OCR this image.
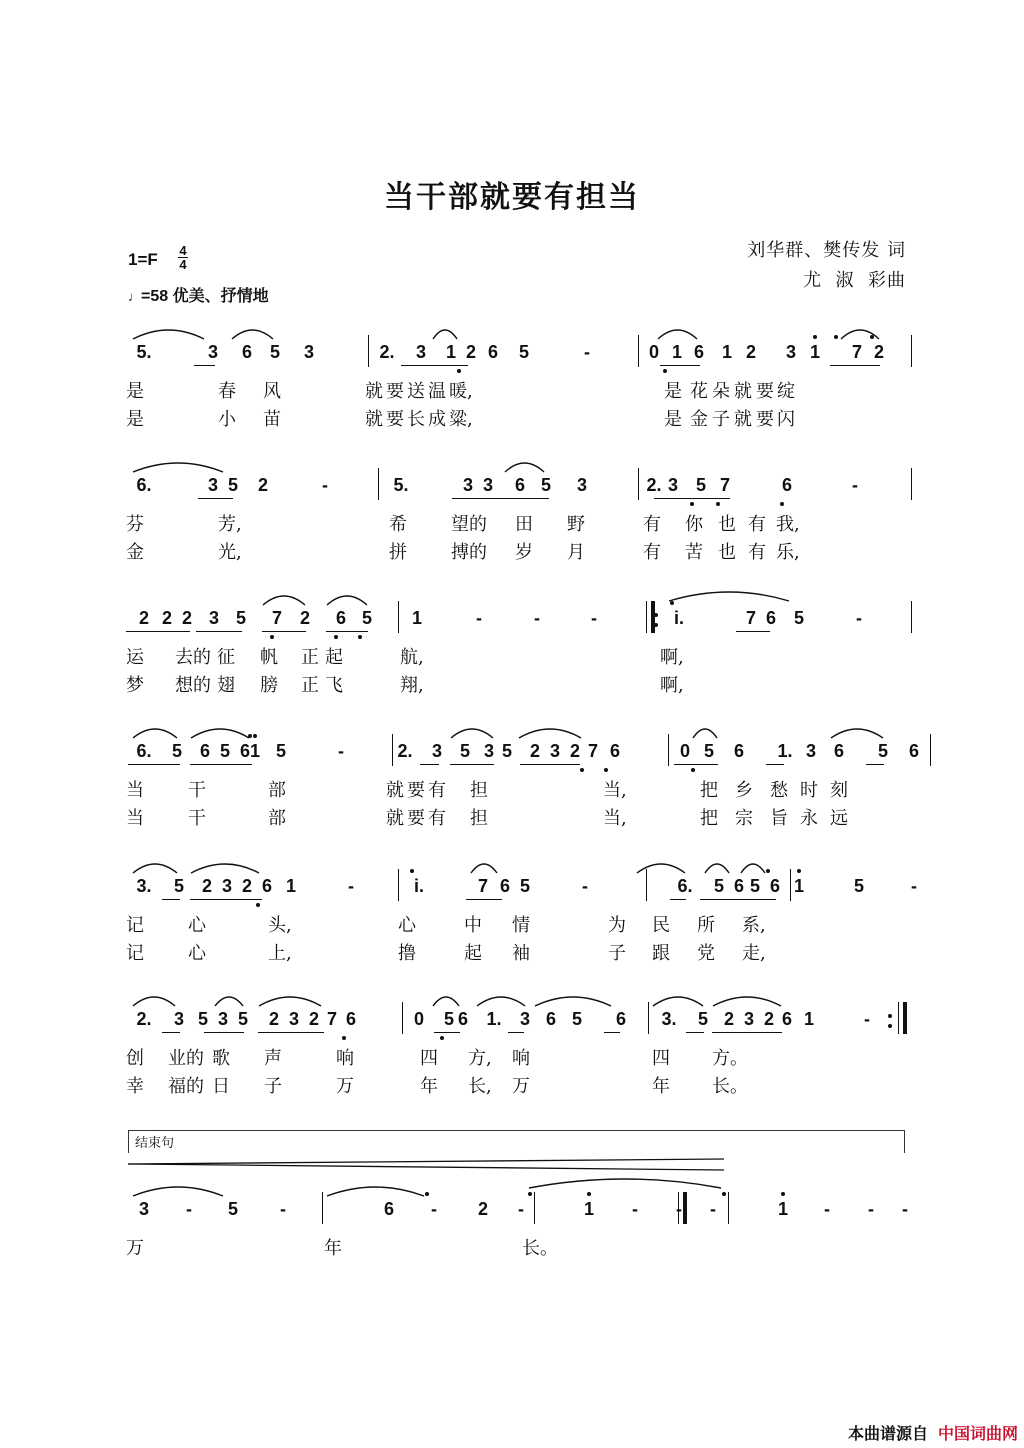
当干部就要有担当
1=F 4
4
♩=58 优美、抒情地
刘华群、樊传发 词
尤  淑  彩曲
5.	3 6 5 3	2. 3 1 2 6 5	-	0 1 6 1 2 3 1 7 2
是	春 风	就 要 送 温 暖,	是 花 朵 就 要 绽
是	小 苗	就 要 长 成 粱,	是 金 子 就 要 闪
6.	3 5 2	-	5.	3 3 6 5 3	2. 3 5 7	6	-
芬	芳,	希 望的 田 野	有 你 也 有 我,
金	光,	拼 搏的 岁 月	有 苦 也 有 乐,
2 2 2 3 5 7 2 6 5 1	-	-	-	i.	7 6 5	-
运 去的 征 帆 正 起	航,	啊,
梦 想的 翅 膀 正 飞	翔,	啊,
6. 5 6 5 6 1 5	-	2. 3 5 3 5 2 3 2 7 6	0 5 6 1. 3 6 5 6
当 干	部	就 要 有 担	当,	把 乡 愁 时 刻
当 干	部	就 要 有 担	当,	把 宗 旨 永 远
3. 5 2 3 2 6 1	-	i.	7 6 5	-	6. 5 6 5 6 1	5	-
记 心	头,	心	中 情	为 民 所 系,
记 心	上,	撸	起 袖	子 跟 党 走,
2. 3 5 3 5 2 3 2 7 6	0 5 6 1. 3 6 5 6 3. 5 2 3 2 6 1	-
创 业的 歌 声	响	四 方, 响	四 方。
幸 福的 日 子	万	年 长, 万	年 长。
3	-	5	-	6	-	2	-	1	-	-	-	1	-	-	-
万	年	长。
结束句
本曲谱源自 中国词曲网
